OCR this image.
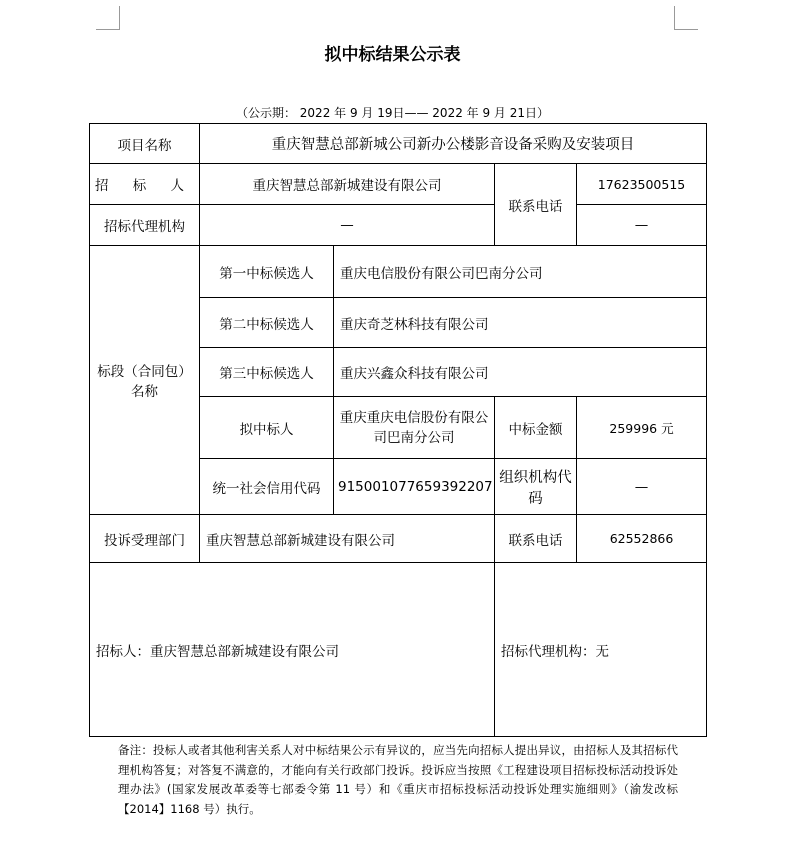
拟中标结果公示表
（公示期： 2022 年 9 月 19日—— 2022 年 9 月 21日）
项目名称	重庆智慧总部新城公司新办公楼影音设备采购及安装项目			
招 标 人	重庆智慧总部新城建设有限公司		联系电话	17623500515
招标代理机构	—			—
标段（合同包）名称	第一中标候选人	重庆电信股份有限公司巴南分公司		
	第二中标候选人	重庆奇芝林科技有限公司		
	第三中标候选人	重庆兴鑫众科技有限公司		
	拟中标人	重庆重庆电信股份有限公司巴南分公司	中标金额	259996 元
	统一社会信用代码	915001077659392207	组织机构代码	—
投诉受理部门	重庆智慧总部新城建设有限公司		联系电话	62552866
招标人：重庆智慧总部新城建设有限公司			招标代理机构：无	
备注：投标人或者其他利害关系人对中标结果公示有异议的，应当先向招标人提出异议，由招标人及其招标代理机构答复；对答复不满意的，才能向有关行政部门投诉。投诉应当按照《工程建设项目招标投标活动投诉处理办法》(国家发展改革委等七部委令第 11 号）和《重庆市招标投标活动投诉处理实施细则》（渝发改标【2014】1168 号）执行。
